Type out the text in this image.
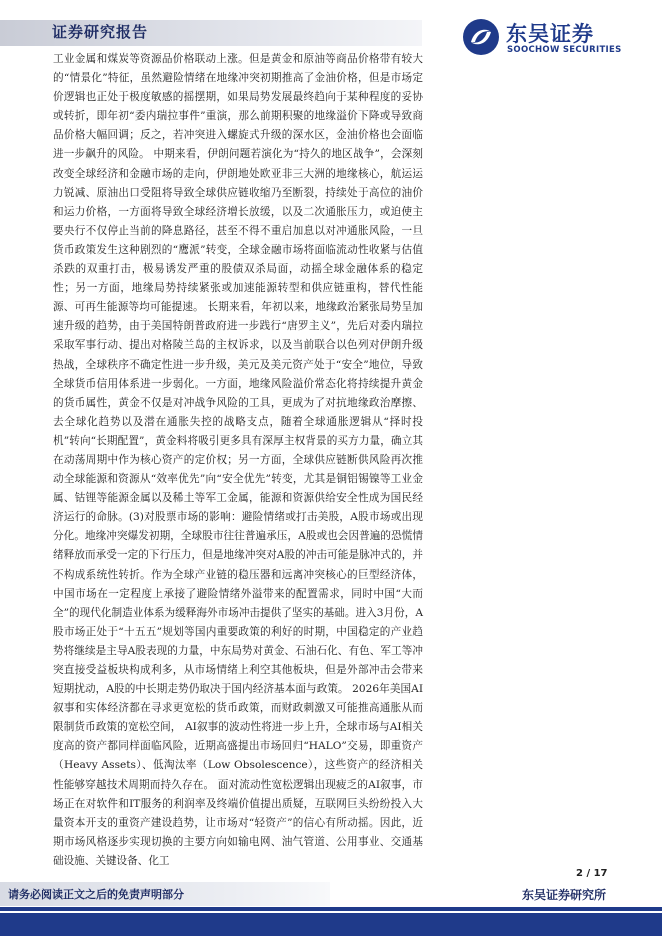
证券研究报告	东吴证券
SOOCHOW SECURITIES

工业金属和煤炭等资源品价格联动上涨。但是黄金和原油等商品价格带有较大的“情景化”特征，虽然避险情绪在地缘冲突初期推高了金油价格，但是市场定价逻辑也正处于极度敏感的摇摆期，如果局势发展最终趋向于某种程度的妥协或转折，即年初“委内瑞拉事件”重演，那么前期积聚的地缘溢价下降或导致商品价格大幅回调；反之，若冲突进入螺旋式升级的深水区，金油价格也会面临进一步飙升的风险。 中期来看，伊朗问题若演化为“持久的地区战争”，会深刻改变全球经济和金融市场的走向，伊朗地处欧亚非三大洲的地缘核心，航运运力锐减、原油出口受阻将导致全球供应链收缩乃至断裂，持续处于高位的油价和运力价格，一方面将导致全球经济增长放缓，以及二次通胀压力，或迫使主要央行不仅停止当前的降息路径，甚至不得不重启加息以对冲通胀风险，一旦货币政策发生这种剧烈的“鹰派”转变，全球金融市场将面临流动性收紧与估值杀跌的双重打击，极易诱发严重的股债双杀局面，动摇全球金融体系的稳定性；另一方面，地缘局势持续紧张或加速能源转型和供应链重构，替代性能源、可再生能源等均可能提速。 长期来看，年初以来，地缘政治紧张局势呈加速升级的趋势，由于美国特朗普政府进一步践行“唐罗主义”，先后对委内瑞拉采取军事行动、提出对格陵兰岛的主权诉求，以及当前联合以色列对伊朗升级热战，全球秩序不确定性进一步升级，美元及美元资产处于“安全”地位，导致全球货币信用体系进一步弱化。一方面，地缘风险溢价常态化将持续提升黄金的货币属性，黄金不仅是对冲战争风险的工具，更成为了对抗地缘政治摩擦、去全球化趋势以及潜在通胀失控的战略支点，随着全球通胀逻辑从“择时投机”转向“长期配置”，黄金料将吸引更多具有深厚主权背景的买方力量，确立其在动荡周期中作为核心资产的定价权；另一方面，全球供应链断供风险再次推动全球能源和资源从“效率优先”向“安全优先”转变，尤其是铜铝锡镍等工业金属、钴锂等能源金属以及稀土等军工金属，能源和资源供给安全性成为国民经济运行的命脉。(3)对股票市场的影响：避险情绪或打击美股，A股市场或出现分化。地缘冲突爆发初期，全球股市往往普遍承压，A股或也会因普遍的恐慌情绪释放而承受一定的下行压力，但是地缘冲突对A股的冲击可能是脉冲式的，并不构成系统性转折。作为全球产业链的稳压器和远离冲突核心的巨型经济体，中国市场在一定程度上承接了避险情绪外溢带来的配置需求，同时中国“大而全”的现代化制造业体系为缓释海外市场冲击提供了坚实的基础。进入3月份，A股市场正处于“十五五”规划等国内重要政策的利好的时期，中国稳定的产业趋势将继续是主导A股表现的力量，中东局势对黄金、石油石化、有色、军工等冲突直接受益板块构成利多，从市场情绪上利空其他板块，但是外部冲击会带来短期扰动，A股的中长期走势仍取决于国内经济基本面与政策。 2026年美国AI叙事和实体经济都在寻求更宽松的货币政策，而财政刺激又可能推高通胀从而限制货币政策的宽松空间， AI叙事的波动性将进一步上升，全球市场与AI相关度高的资产都同样面临风险，近期高盛提出市场回归“HALO”交易，即重资产（Heavy Assets）、低淘汰率（Low Obsolescence），这些资产的经济相关性能够穿越技术周期而持久存在。 面对流动性宽松逻辑出现疲乏的AI叙事，市场正在对软件和IT服务的利润率及终端价值提出质疑，互联网巨头纷纷投入大量资本开支的重资产建设趋势，让市场对“轻资产”的信心有所动摇。因此，近期市场风格逐步实现切换的主要方向如输电网、油气管道、公用事业、交通基础设施、关键设备、化工

2 / 17
请务必阅读正文之后的免责声明部分	东吴证券研究所
